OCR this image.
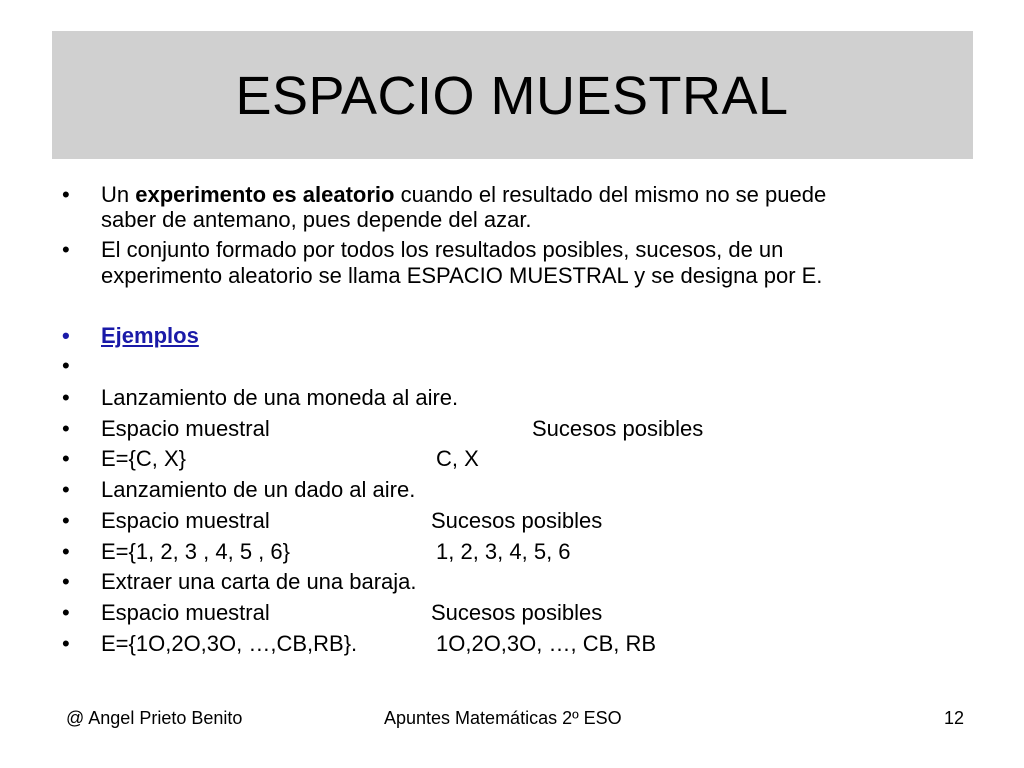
ESPACIO MUESTRAL
• Un experimento es aleatorio cuando el resultado del mismo no se puede
saber de antemano, pues depende del azar.
• El conjunto formado por todos los resultados posibles, sucesos, de un
experimento aleatorio se llama ESPACIO MUESTRAL y se designa por E.
• Ejemplos
•
• Lanzamiento de una moneda al aire.
• Espacio muestral	Sucesos posibles
• E={C, X}	C, X
• Lanzamiento de un dado al aire.
• Espacio muestral	Sucesos posibles
• E={1, 2, 3 , 4, 5 , 6}	1, 2, 3, 4, 5, 6
• Extraer una carta de una baraja.
• Espacio muestral	Sucesos posibles
• E={1O,2O,3O, …,CB,RB}.	1O,2O,3O, …, CB, RB
@ Angel Prieto Benito	Apuntes Matemáticas 2º ESO	12
